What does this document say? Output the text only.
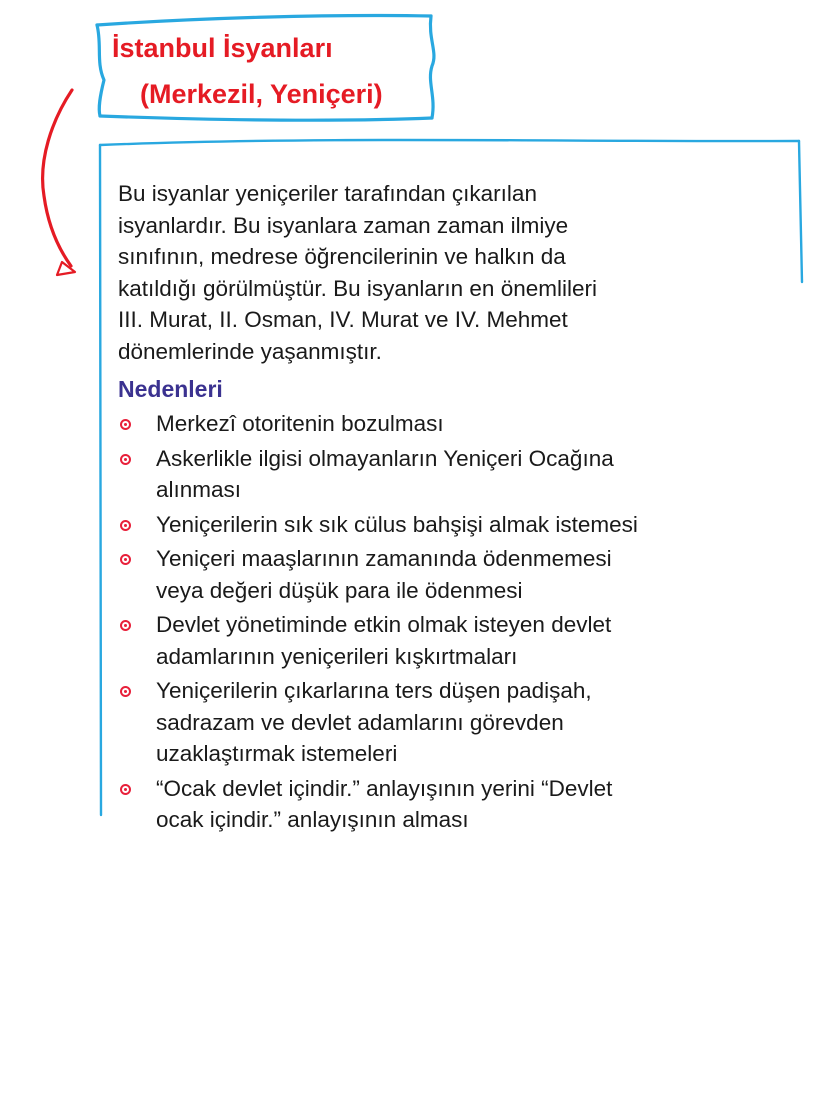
İstanbul İsyanları
(Merkezil, Yeniçeri)

Bu isyanlar yeniçeriler tarafından çıkarılan
isyanlardır. Bu isyanlara zaman zaman ilmiye
sınıfının, medrese öğrencilerinin ve halkın da
katıldığı görülmüştür. Bu isyanların en önemlileri
III. Murat, II. Osman, IV. Murat ve IV. Mehmet
dönemlerinde yaşanmıştır.

Nedenleri
Merkezî otoritenin bozulması
Askerlikle ilgisi olmayanların Yeniçeri Ocağına
alınması
Yeniçerilerin sık sık cülus bahşişi almak istemesi
Yeniçeri maaşlarının zamanında ödenmemesi
veya değeri düşük para ile ödenmesi
Devlet yönetiminde etkin olmak isteyen devlet
adamlarının yeniçerileri kışkırtmaları
Yeniçerilerin çıkarlarına ters düşen padişah,
sadrazam ve devlet adamlarını görevden
uzaklaştırmak istemeleri
“Ocak devlet içindir.” anlayışının yerini “Devlet
ocak içindir.” anlayışının alması
